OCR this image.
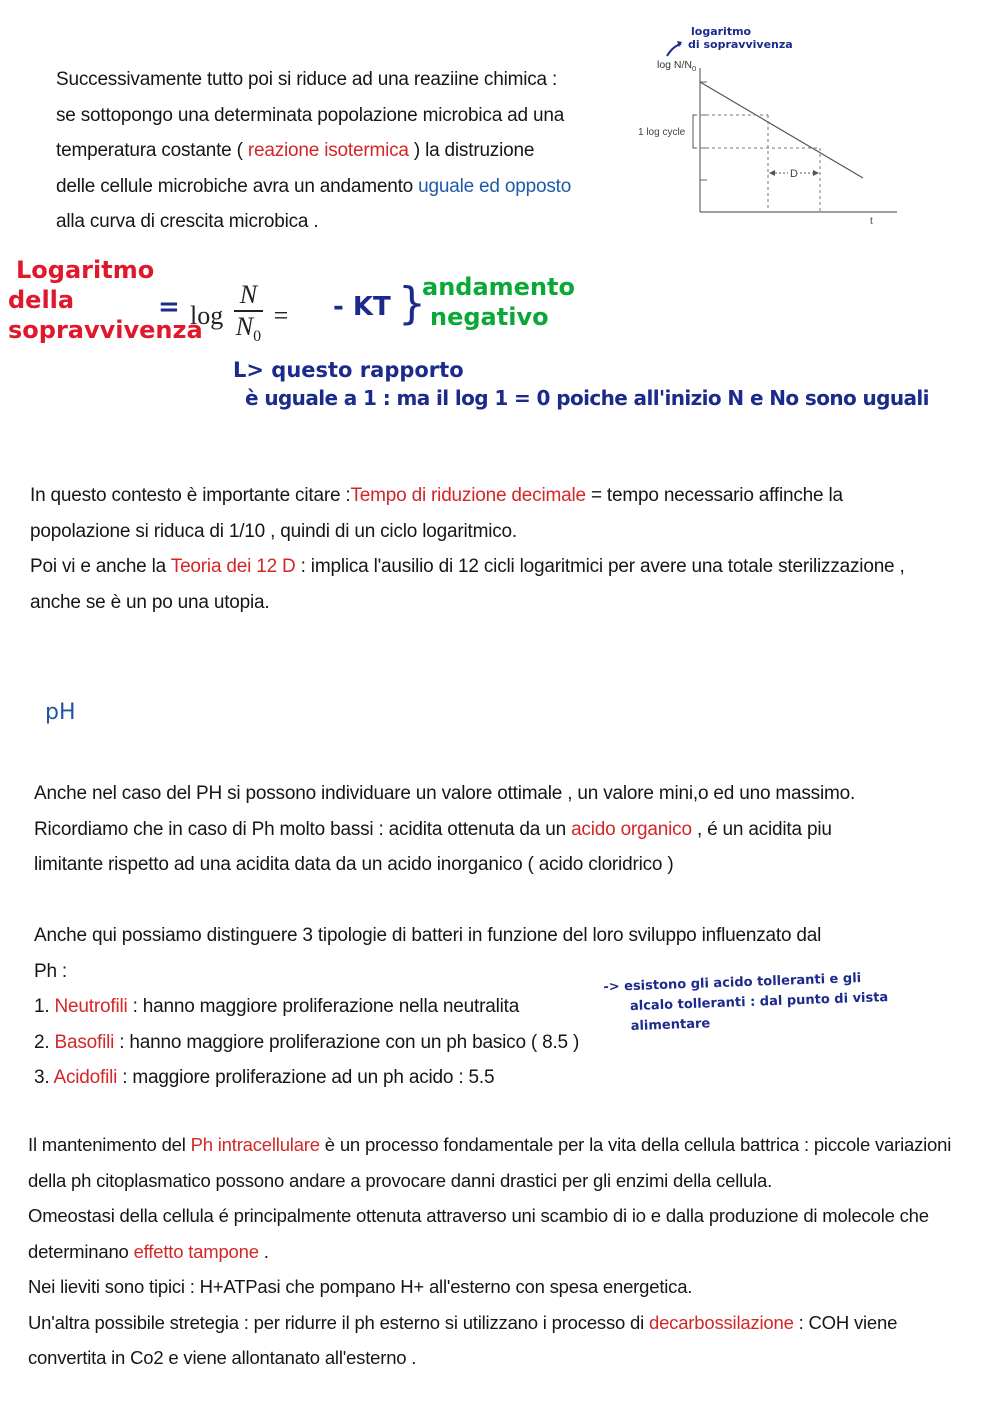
Successivamente tutto poi si riduce ad una reaziine chimica :
se sottopongo una determinata popolazione microbica ad una
temperatura costante ( reazione isotermica ) la distruzione
delle cellule microbiche avra un andamento uguale ed opposto
alla curva di crescita microbica .
1 log cycle
D
$\log N/N_0$
t
logaritmo
di sopravvivenza
Logaritmo
della
sopravvivenza
= $\log \frac{N}{N_0}$ = - KT }
andamento
negativo
L> questo rapporto
è uguale a 1 : ma il log 1 = 0 poiche all'inizio N e No sono uguali
In questo contesto è importante citare :Tempo di riduzione decimale = tempo necessario affinche la
popolazione si riduca di 1/10 , quindi di un ciclo logaritmico.
Poi vi e anche la Teoria dei 12 D : implica l'ausilio di 12 cicli logaritmici per avere una totale sterilizzazione ,
anche se è un po una utopia.
pH
Anche nel caso del PH si possono individuare un valore ottimale , un valore mini,o ed uno massimo.
Ricordiamo che in caso di Ph molto bassi : acidita ottenuta da un acido organico , é un acidita piu
limitante rispetto ad una acidita data da un acido inorganico ( acido cloridrico )
Anche qui possiamo distinguere 3 tipologie di batteri in funzione del loro sviluppo influenzato dal
Ph :
1. Neutrofili : hanno maggiore proliferazione nella neutralita
2. Basofili : hanno maggiore proliferazione con un ph basico ( 8.5 )
3. Acidofili : maggiore proliferazione ad un ph acido : 5.5
-> esistono gli acido tolleranti e gli
alcalo tolleranti : dal punto di vista
alimentare
Il mantenimento del Ph intracellulare è un processo fondamentale per la vita della cellula battrica : piccole variazioni
della ph citoplasmatico possono andare a provocare danni drastici per gli enzimi della cellula.
Omeostasi della cellula é principalmente ottenuta attraverso uni scambio di io e dalla produzione di molecole che
determinano effetto tampone .
Nei lieviti sono tipici : H+ATPasi che pompano H+ all'esterno con spesa energetica.
Un'altra possibile stretegia : per ridurre il ph esterno si utilizzano i processo di decarbossilazione : COH viene
convertita in Co2 e viene allontanato all'esterno .
